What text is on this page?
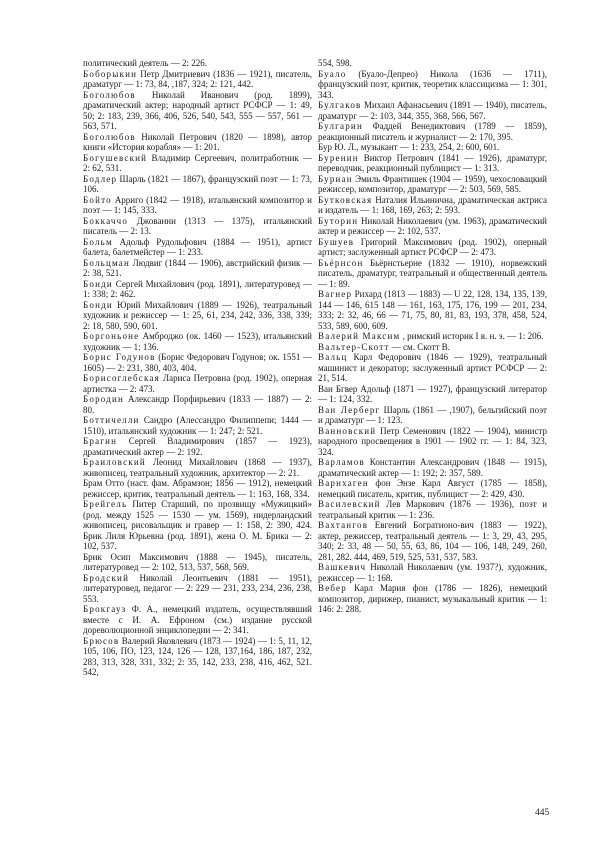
политический деятель — 2: 226.

Боборыкин Петр Дмитриевич (1836 — 1921), писатель, драматург — 1: 73, 84, ,187, 324; 2: 121, 442.

Боголюбов Николай Иванович (род. 1899), драматический актер; народный артист РСФСР — 1: 49, 50; 2: 183, 239, 366, 406, 526, 540, 543, 555 — 557, 561 — 563, 571.

Боголюбов Николай Петрович (1820 — 1898), автор книги «История корабля» — 1: 201.

Богушевский Владимир Сергеевич, политработник — 2: 62, 531.

Бодлер Шарль (1821 — 1867), французский поэт — 1: 73, 106.

Бойто Арриго (1842 — 1918), итальянский композитор и поэт — 1: 145, 333.

Боккаччо Джованни (1313 — 1375), итальянский писатель — 2: 13.

Больм Адольф Рудольфович (1884 — 1951), артист балета, балетмейстер — 1: 233.

Больцман Людвиг (1844 — 1906), австрийский физик — 2: 38, 521.

Бонди Сергей Михайлович (род. 1891), литературовед — 1: 338; 2: 462.

Бонди Юрий Михайлович (1889 — 1926), театральный художник и режиссер — 1: 25, 61, 234, 242, 336, 338, 339; 2: 18, 580, 590, 601.

Боргоньоне Амброджо (ок. 1460 — 1523), итальянский художник — 1: 136.

Борис Годунов (Борис Федорович Годунов; ок. 1551 — 1605) — 2: 231, 380, 403, 404.

Борисоглебская Лариса Петровна (род. 1902), оперная артистка — 2: 473.

Бородин Александр Порфирьевич (1833 — 1887) — 2: 80.

Боттичелли Сандро (Алессандро Филиппепи; 1444 — 1510), итальянский художник — 1: 247; 2: 521.

Брагин Сергей Владимирович (1857 — 1923), драматический актер — 2: 192.

Браиловский Леонид Михайлович (1868 — 1937), живописец, театральный художник, архитектор — 2: 21.

Брам Отто (наст. фам. Абрамзон; 1856 — 1912), немецкий режиссер, критик, театральный деятель — 1: 163, 168, 334.

Брейгель Питер Старший, по прозвищу «Мужицкий» (род. между 1525 — 1530 — ум. 1569), нидерландский живописец, рисовальщик и гравер — 1: 158, 2: 390, 424. Брик Лиля Юрьевна (род. 1891), жена О. М. Брика — 2: 102, 537.

Брик Осип Максимович (1888 — 1945), писатель, литературовед — 2: 102, 513, 537, 568, 569.

Бродский Николай Леонтьевич (1881 — 1951), литературовед, педагог — 2: 229 — 231, 233, 234, 236, 238, 553.

Брокгауз Ф. А., немецкий издатель, осуществлявший вместе с И. А. Ефроном (см.) издание русской дореволюционной энциклопедии — 2: 341.

Брюсов Валерий Яковлевич (1873 — 1924) — 1: 5, 11, 12, 105, 106, ПО, 123, 124, 126 — 128, 137,164, 186, 187, 232, 283, 313, 328, 331, 332; 2: 35, 142, 233, 238, 416, 462, 521. 542,

554, 598.

Буало (Буало-Депрео) Никола (1636 — 1711), французский поэт, критик, теоретик классицизма — 1: 301, 343.

Булгаков Михаил Афанасьевич (1891 — 1940), писатель, драматург — 2: 103, 344, 355, 368, 566, 567.

Булгарин Фаддей Венедиктович (1789 — 1859), реакционный писатель и журналист — 2: 170, 395.

Бур Ю. Л., музыкант — 1: 233, 254, 2: 600, 601.

Буренин Виктор Петрович (1841 — 1926), драматург, переводчик, реакционный публицист — 1: 313.

Буриан Эмиль Франтишек (1904 — 1959), чехословацкий режиссер, композитор, драматург — 2: 503, 569, 585.

Бутковская Наталия Ильинична, драматическая актриса и издатель — 1: 168, 169, 263; 2: 593.

Буторин Николай Николаевич (ум. 1963), драматический актер и режиссер — 2: 102, 537.

Бушуев Григорий Максимович (род. 1902), оперный артист; заслуженный артист РСФСР — 2: 473.

Бьёрнсон Бьёрнстьерне (1832 — 1910), норвежский писатель, драматург, театральный и общественный деятель — 1: 89.

Вагнер Рихард (1813 — 1883) — U 22, 128, 134, 135, 139, 144 — 146, 615 148 — 161, 163, 175, 176, 199 — 201, 234, 333; 2: 32, 46, 66 — 71, 75, 80, 81, 83, 193, 378, 458, 524, 533, 589, 600, 609.

Валерий Максим , римский историк I в. н. э. — 1: 206.

Вальтер-Скотт — см. Скотт В.

Вальц Карл Федорович (1846 — 1929), театральный машинист и декоратор; заслуженный артист РСФСР — 2: 21, 514.

Ван Бгвер Адольф (1871 — 1927), французский литератор — 1: 124, 332.

Ван Лерберг Шарль (1861 — ,1907), бельгийский поэт и драматург — 1: 123.

Ванновский Петр Семенович (1822 — 1904), министр народного просвещения в 1901 — 1902 гг. — 1: 84, 323, 324.

Варламов Константин Александрович (1848 — 1915), драматический актер — 1: 192; 2: 357, 589.

Варнхаген фон Энзе Карл Август (1785 — 1858), немецкий писатель, критик, публицист — 2: 429, 430.

Василевский Лев Маркович (1876 — 1936), поэт и театральный критик — 1: 236.

Вахтангов Евгений Богратионо-вич (1883 — 1922), актер, режиссер, театральный деятель — 1: 3, 29, 43, 295, 340; 2: 33, 48 — 50, 55, 63, 86, 104 — 106, 148, 249, 260, 281, 282. 444, 469, 519, 525, 531, 537, 583.

Вашкевич Николай Николаевич (ум. 1937?), художник, режиссер — 1: 168.

Вебер Карл Мария фон (1786 — 1826), немецкий композитор, дирижер, пианист, музыкальный критик — 1: 146: 2: 288.

445
